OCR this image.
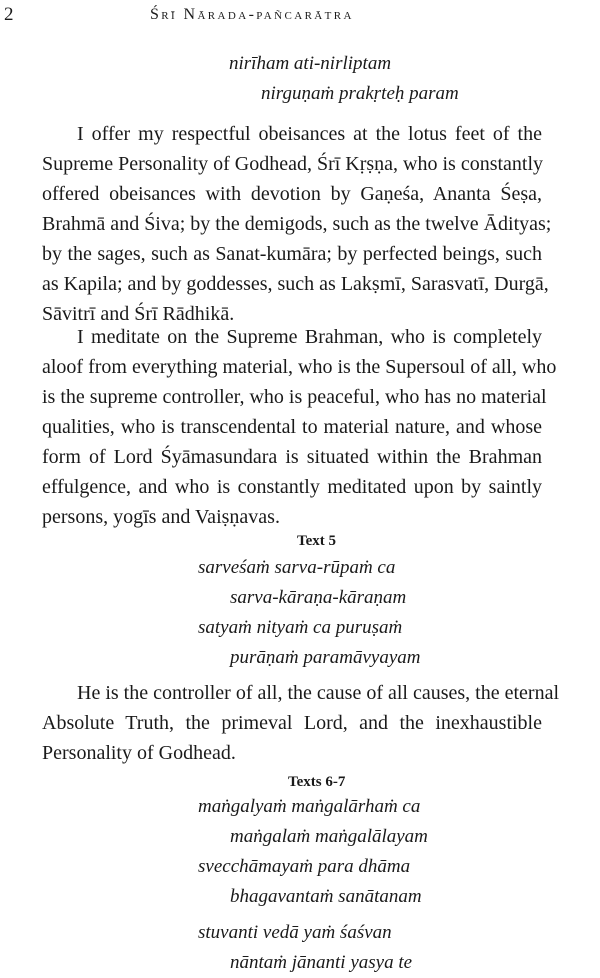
2	Śrī Nārada-pañcarātra
nirīham ati-nirliptam
nirguṇaṁ prakṛteḥ param

I offer my respectful obeisances at the lotus feet of the
Supreme Personality of Godhead, Śrī Kṛṣṇa, who is constantly
offered obeisances with devotion by Gaṇeśa, Ananta Śeṣa,
Brahmā and Śiva; by the demigods, such as the twelve Ādityas;
by the sages, such as Sanat-kumāra; by perfected beings, such
as Kapila; and by goddesses, such as Lakṣmī, Sarasvatī, Durgā,
Sāvitrī and Śrī Rādhikā.

I meditate on the Supreme Brahman, who is completely
aloof from everything material, who is the Supersoul of all, who
is the supreme controller, who is peaceful, who has no material
qualities, who is transcendental to material nature, and whose
form of Lord Śyāmasundara is situated within the Brahman
effulgence, and who is constantly meditated upon by saintly
persons, yogīs and Vaiṣṇavas.

Text 5
sarveśaṁ sarva-rūpaṁ ca
sarva-kāraṇa-kāraṇam
satyaṁ nityaṁ ca puruṣaṁ
purāṇaṁ paramāvyayam

He is the controller of all, the cause of all causes, the eternal
Absolute Truth, the primeval Lord, and the inexhaustible
Personality of Godhead.

Texts 6-7
maṅgalyaṁ maṅgalārhaṁ ca
maṅgalaṁ maṅgalālayam
svecchāmayaṁ para dhāma
bhagavantaṁ sanātanam
stuvanti vedā yaṁ śaśvan
nāntaṁ jānanti yasya te
